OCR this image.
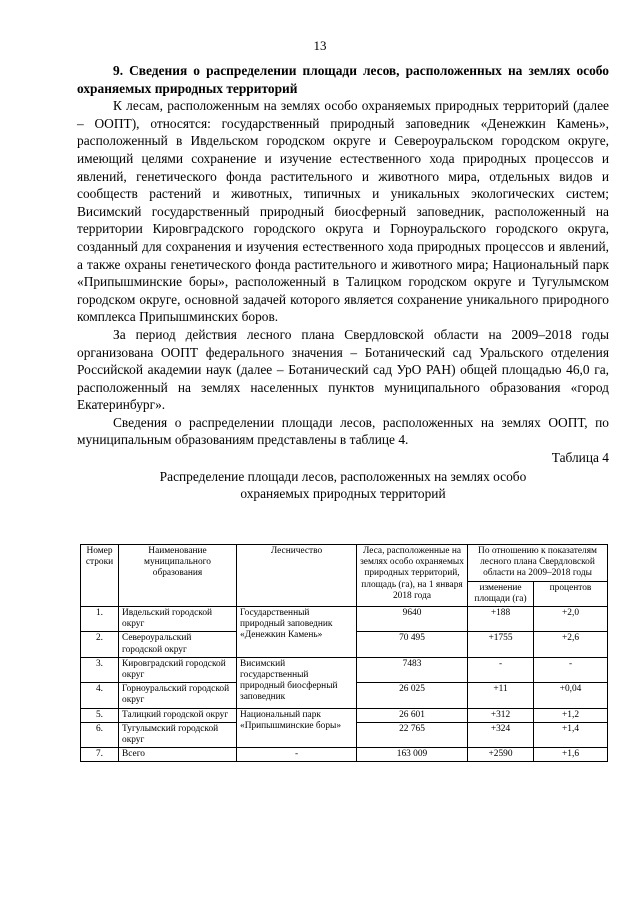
13

9. Сведения о распределении площади лесов, расположенных на землях особо охраняемых природных территорий

К лесам, расположенным на землях особо охраняемых природных территорий (далее – ООПТ), относятся: государственный природный заповедник «Денежкин Камень», расположенный в Ивдельском городском округе и Североуральском городском округе, имеющий целями сохранение и изучение естественного хода природных процессов и явлений, генетического фонда растительного и животного мира, отдельных видов и сообществ растений и животных, типичных и уникальных экологических систем; Висимский государственный природный биосферный заповедник, расположенный на территории Кировградского городского округа и Горноуральского городского округа, созданный для сохранения и изучения естественного хода природных процессов и явлений, а также охраны генетического фонда растительного и животного мира; Национальный парк «Припышминские боры», расположенный в Талицком городском округе и Тугулымском городском округе, основной задачей которого является сохранение уникального природного комплекса Припышминских боров.

За период действия лесного плана Свердловской области на 2009–2018 годы организована ООПТ федерального значения – Ботанический сад Уральского отделения Российской академии наук (далее – Ботанический сад УрО РАН) общей площадью 46,0 га, расположенный на землях населенных пунктов муниципального образования «город Екатеринбург».

Сведения о распределении площади лесов, расположенных на землях ООПТ, по муниципальным образованиям представлены в таблице 4.

Таблица 4

Распределение площади лесов, расположенных на землях особо охраняемых природных территорий

Номер строки	Наименование муниципального образования	Лесничество	Леса, расположенные на землях особо охраняемых природных территорий, площадь (га), на 1 января 2018 года	По отношению к показателям лесного плана Свердловской области на 2009–2018 годы	
				изменение площади (га)	процентов
1.	Ивдельский городской округ	Государственный природный заповедник «Денежкин Камень»	9640	+188	+2,0
2.	Североуральский городской округ		70 495	+1755	+2,6
3.	Кировградский городской округ	Висимский государственный природный биосферный заповедник	7483	-	-
4.	Горноуральский городской округ		26 025	+11	+0,04
5.	Талицкий городской округ	Национальный парк «Припышминские боры»	26 601	+312	+1,2
6.	Тугулымский городской округ		22 765	+324	+1,4
7.	Всего	-	163 009	+2590	+1,6
